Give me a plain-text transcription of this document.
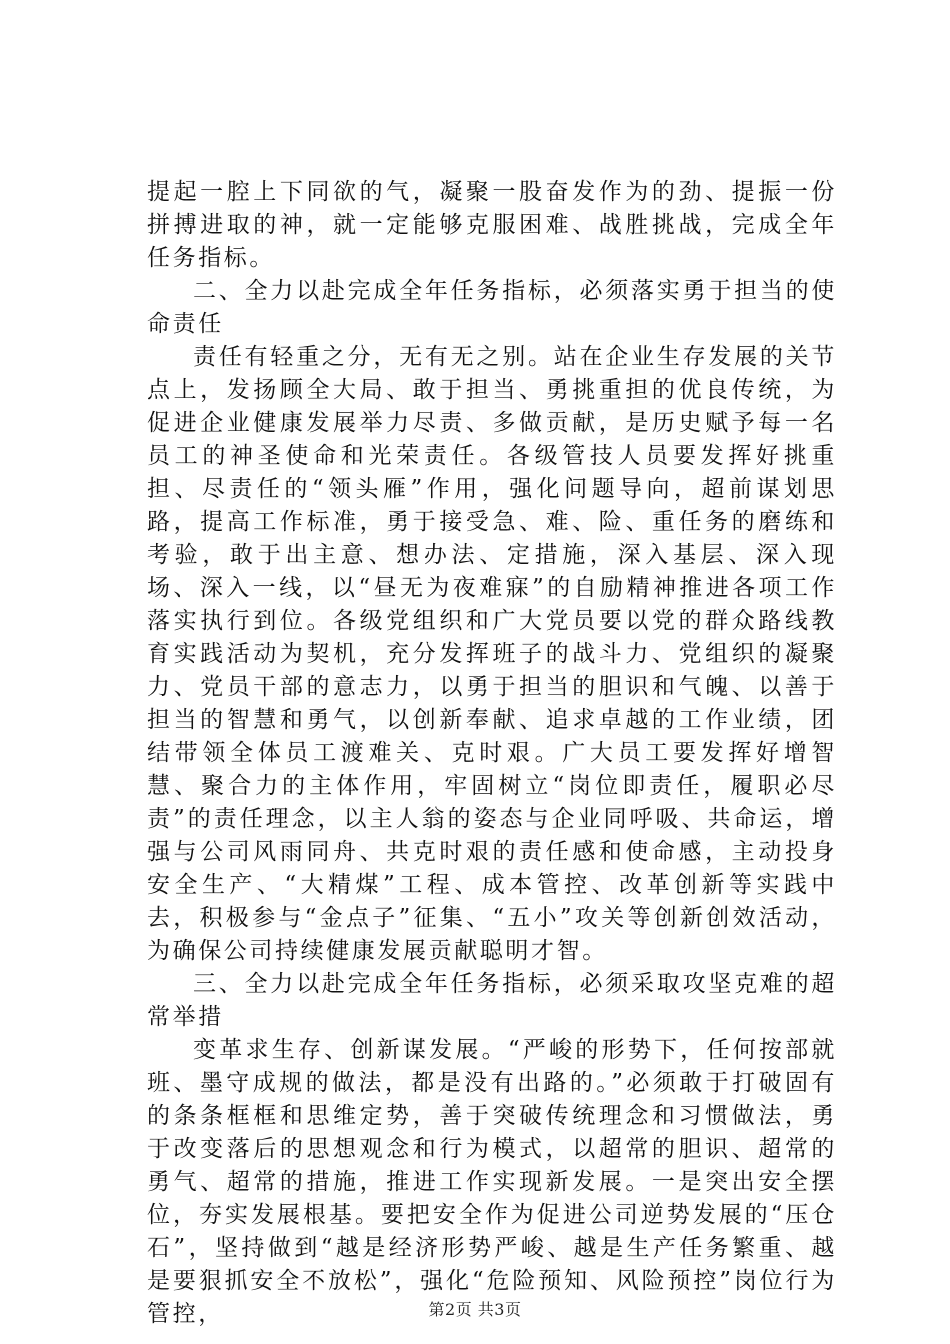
提起一腔上下同欲的气，凝聚一股奋发作为的劲、提振一份拼搏进取的神，就一定能够克服困难、战胜挑战，完成全年任务指标。

二、全力以赴完成全年任务指标，必须落实勇于担当的使命责任

责任有轻重之分，无有无之别。站在企业生存发展的关节点上，发扬顾全大局、敢于担当、勇挑重担的优良传统，为促进企业健康发展举力尽责、多做贡献，是历史赋予每一名员工的神圣使命和光荣责任。各级管技人员要发挥好挑重担、尽责任的“领头雁”作用，强化问题导向，超前谋划思路，提高工作标准，勇于接受急、难、险、重任务的磨练和考验，敢于出主意、想办法、定措施，深入基层、深入现场、深入一线，以“昼无为夜难寐”的自励精神推进各项工作落实执行到位。各级党组织和广大党员要以党的群众路线教育实践活动为契机，充分发挥班子的战斗力、党组织的凝聚力、党员干部的意志力，以勇于担当的胆识和气魄、以善于担当的智慧和勇气，以创新奉献、追求卓越的工作业绩，团结带领全体员工渡难关、克时艰。广大员工要发挥好增智慧、聚合力的主体作用，牢固树立“岗位即责任，履职必尽责”的责任理念，以主人翁的姿态与企业同呼吸、共命运，增强与公司风雨同舟、共克时艰的责任感和使命感，主动投身安全生产、“大精煤”工程、成本管控、改革创新等实践中去，积极参与“金点子”征集、“五小”攻关等创新创效活动，为确保公司持续健康发展贡献聪明才智。

三、全力以赴完成全年任务指标，必须采取攻坚克难的超常举措

变革求生存、创新谋发展。“严峻的形势下，任何按部就班、墨守成规的做法，都是没有出路的。”必须敢于打破固有的条条框框和思维定势，善于突破传统理念和习惯做法，勇于改变落后的思想观念和行为模式，以超常的胆识、超常的勇气、超常的措施，推进工作实现新发展。一是突出安全摆位，夯实发展根基。要把安全作为促进公司逆势发展的“压仓石”，坚持做到“越是经济形势严峻、越是生产任务繁重、越是要狠抓安全不放松”，强化“危险预知、风险预控”岗位行为管控，	第2页 共3页
